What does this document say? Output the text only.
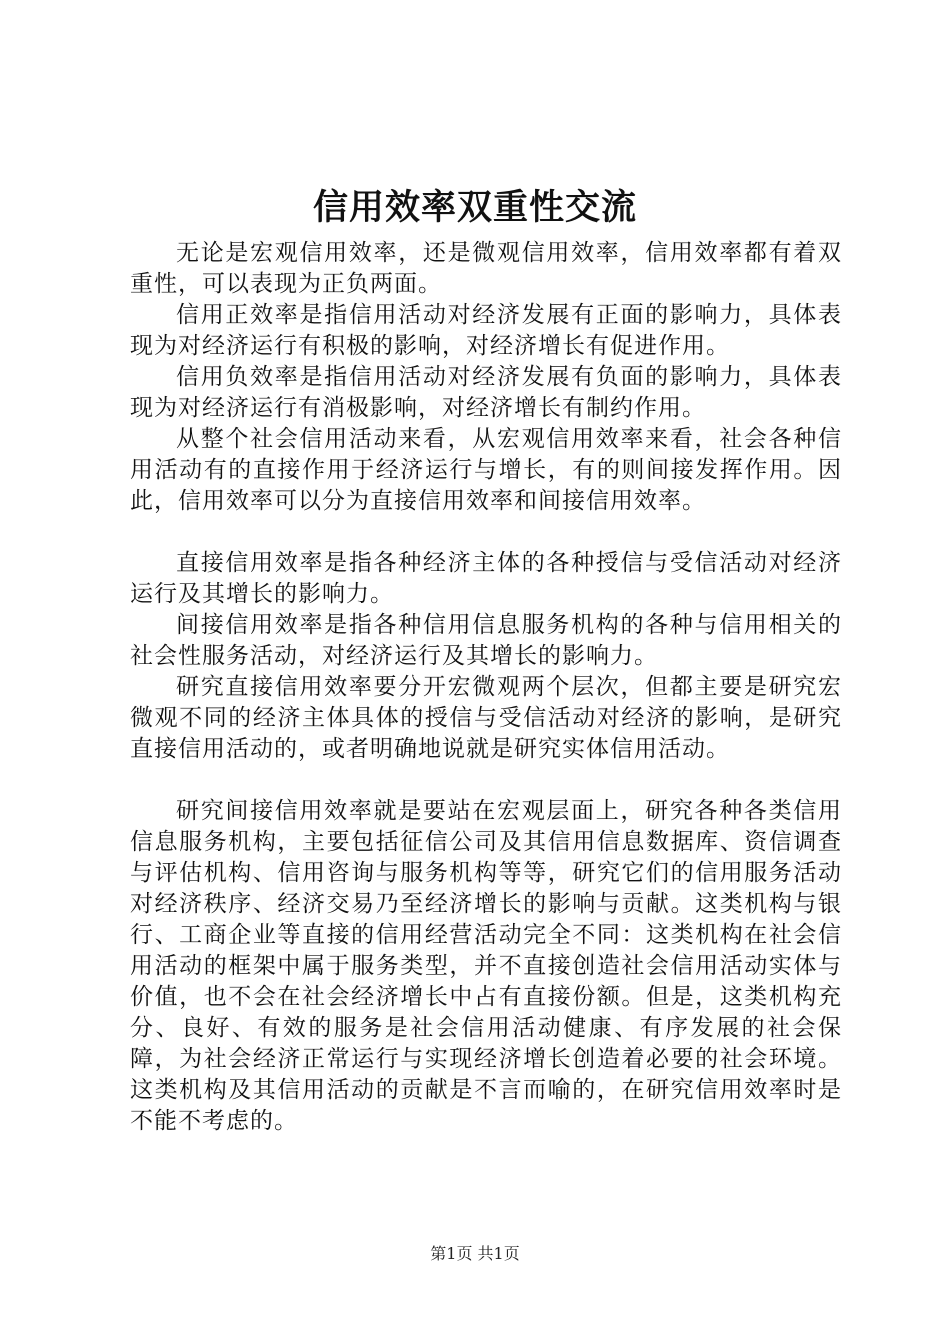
信用效率双重性交流

无论是宏观信用效率，还是微观信用效率，信用效率都有着双重性，可以表现为正负两面。

信用正效率是指信用活动对经济发展有正面的影响力，具体表现为对经济运行有积极的影响，对经济增长有促进作用。

信用负效率是指信用活动对经济发展有负面的影响力，具体表现为对经济运行有消极影响，对经济增长有制约作用。

从整个社会信用活动来看，从宏观信用效率来看，社会各种信用活动有的直接作用于经济运行与增长，有的则间接发挥作用。因此，信用效率可以分为直接信用效率和间接信用效率。

直接信用效率是指各种经济主体的各种授信与受信活动对经济运行及其增长的影响力。

间接信用效率是指各种信用信息服务机构的各种与信用相关的社会性服务活动，对经济运行及其增长的影响力。

研究直接信用效率要分开宏微观两个层次，但都主要是研究宏微观不同的经济主体具体的授信与受信活动对经济的影响，是研究直接信用活动的，或者明确地说就是研究实体信用活动。

研究间接信用效率就是要站在宏观层面上，研究各种各类信用信息服务机构，主要包括征信公司及其信用信息数据库、资信调查与评估机构、信用咨询与服务机构等等，研究它们的信用服务活动对经济秩序、经济交易乃至经济增长的影响与贡献。这类机构与银行、工商企业等直接的信用经营活动完全不同：这类机构在社会信用活动的框架中属于服务类型，并不直接创造社会信用活动实体与价值，也不会在社会经济增长中占有直接份额。但是，这类机构充分、良好、有效的服务是社会信用活动健康、有序发展的社会保障，为社会经济正常运行与实现经济增长创造着必要的社会环境。这类机构及其信用活动的贡献是不言而喻的，在研究信用效率时是不能不考虑的。

第1页 共1页
